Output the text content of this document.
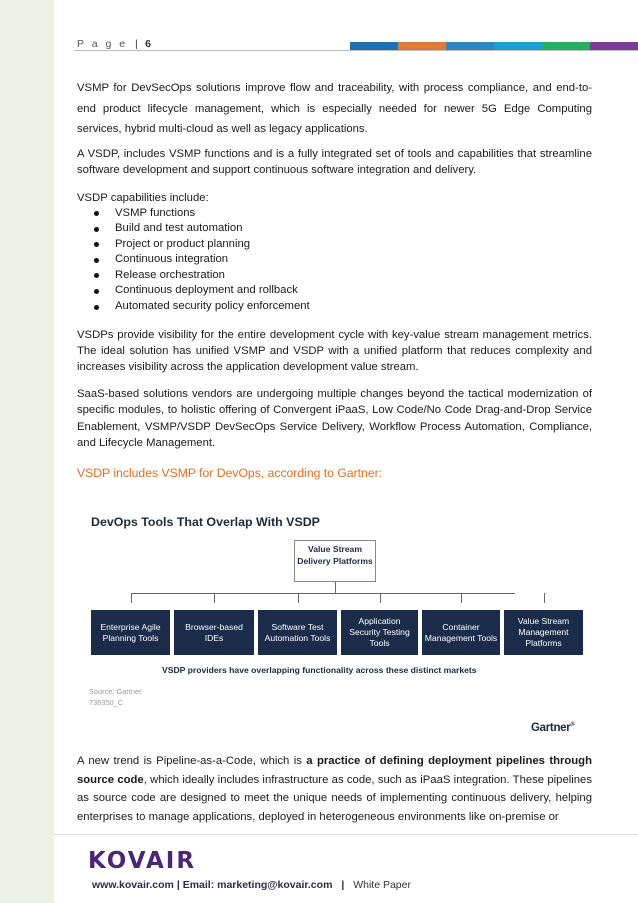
P a g e | 6

VSMP for DevSecOps solutions improve flow and traceability, with process compliance, and end-to-end product lifecycle management, which is especially needed for newer 5G Edge Computing services, hybrid multi-cloud as well as legacy applications.

A VSDP, includes VSMP functions and is a fully integrated set of tools and capabilities that streamline software development and support continuous software integration and delivery.

VSDP capabilities include:

VSMP functions
Build and test automation
Project or product planning
Continuous integration
Release orchestration
Continuous deployment and rollback
Automated security policy enforcement

VSDPs provide visibility for the entire development cycle with key-value stream management metrics. The ideal solution has unified VSMP and VSDP with a unified platform that reduces complexity and increases visibility across the application development value stream.

SaaS-based solutions vendors are undergoing multiple changes beyond the tactical modernization of specific modules, to holistic offering of Convergent iPaaS, Low Code/No Code Drag-and-Drop Service Enablement, VSMP/VSDP DevSecOps Service Delivery, Workflow Process Automation, Compliance, and Lifecycle Management.

VSDP includes VSMP for DevOps, according to Gartner:

DevOps Tools That Overlap With VSDP
Value Stream Delivery Platforms
Enterprise Agile Planning Tools
Browser-based IDEs
Software Test Automation Tools
Application Security Testing Tools
Container Management Tools
Value Stream Management Platforms
VSDP providers have overlapping functionality across these distinct markets
Source: Gartner
736350_C
Gartner®

A new trend is Pipeline-as-a-Code, which is a practice of defining deployment pipelines through source code, which ideally includes infrastructure as code, such as iPaaS integration. These pipelines as source code are designed to meet the unique needs of implementing continuous delivery, helping enterprises to manage applications, deployed in heterogeneous environments like on-premise or

KOVAIR
www.kovair.com | Email: marketing@kovair.com | White Paper
